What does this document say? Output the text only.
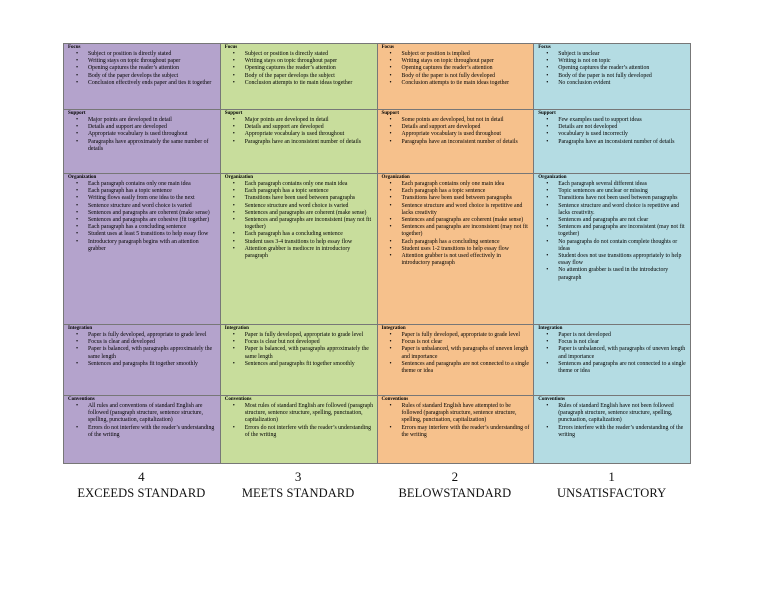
Focus
• Subject or position is directly stated
• Writing stays on topic throughout paper
• Opening captures the reader’s attention
• Body of the paper develops the subject
• Conclusion effectively ends paper and ties it together
Focus
• Subject or position is directly stated
• Writing stays on topic throughout paper
• Opening captures the reader’s attention
• Body of the paper develops the subject
• Conclusion attempts to tie main ideas together
Focus
• Subject or position is implied
• Writing stays on topic throughout paper
• Opening captures the reader’s attention
• Body of the paper is not fully developed
• Conclusion attempts to tie main ideas together
Focus
• Subject is unclear
• Writing is not on topic
• Opening captures the reader’s attention
• Body of the paper is not fully developed
• No conclusion evident
Support
• Major points are developed in detail
• Details and support are developed
• Appropriate vocabulary is used throughout
• Paragraphs have approximately the same number of details
Support
• Major points are developed in detail
• Details and support are developed
• Appropriate vocabulary is used throughout
• Paragraphs have an inconsistent number of details
Support
• Some points are developed, but not in detail
• Details and support are developed
• Appropriate vocabulary is used throughout
• Paragraphs have an inconsistent number of details
Support
• Few examples used to support ideas
• Details are not developed
• vocabulary is used incorrectly
• Paragraphs have an inconsistent number of details
Organization
• Each paragraph contains only one main idea
• Each paragraph has a topic sentence
• Writing flows easily from one idea to the next
• Sentence structure and word choice is varied
• Sentences and paragraphs are coherent (make sense)
• Sentences and paragraphs are cohesive (fit together)
• Each paragraph has a concluding sentence
• Student uses at least 5 transitions to help essay flow
• Introductory paragraph begins with an attention grabber
Organization
• Each paragraph contains only one main idea
• Each paragraph has a topic sentence
• Transitions have been used between paragraphs
• Sentence structure and word choice is varied
• Sentences and paragraphs are coherent (make sense)
• Sentences and paragraphs are inconsistent (may not fit together)
• Each paragraph has a concluding sentence
• Student uses 3-4 transitions to help essay flow
• Attention grabber is mediocre in introductory paragraph
Organization
• Each paragraph contains only one main idea
• Each paragraph has a topic sentence
• Transitions have been used between paragraphs
• Sentence structure and word choice is repetitive and lacks creativity
• Sentences and paragraphs are coherent (make sense)
• Sentences and paragraphs are inconsistent (may not fit together)
• Each paragraph has a concluding sentence
• Student uses 1-2 transitions to help essay flow
• Attention grabber is not used effectively in introductory paragraph
Organization
• Each paragraph several different ideas
• Topic sentences are unclear or missing
• Transitions have not been used between paragraphs
• Sentence structure and word choice is repetitive and lacks creativity.
• Sentences and paragraphs are not clear
• Sentences and paragraphs are inconsistent (may not fit together)
• No paragraphs do not contain complete thoughts or ideas
• Student does not use transitions appropriately to help essay flow
• No attention grabber is used in the introductory paragraph
Integration
• Paper is fully developed, appropriate to grade level
• Focus is clear and developed
• Paper is balanced, with paragraphs approximately the same length
• Sentences and paragraphs fit together smoothly
Integration
• Paper is fully developed, appropriate to grade level
• Focus is clear but not developed
• Paper is balanced, with paragraphs approximately the same length
• Sentences and paragraphs fit together smoothly
Integration
• Paper is fully developed, appropriate to grade level
• Focus is not clear
• Paper is unbalanced, with paragraphs of uneven length and importance
• Sentences and paragraphs are not connected to a single theme or idea
Integration
• Paper is not developed
• Focus is not clear
• Paper is unbalanced, with paragraphs of uneven length and importance
• Sentences and paragraphs are not connected to a single theme or idea
Conventions
• All rules and conventions of standard English are followed (paragraph structure, sentence structure, spelling, punctuation, capitalization)
• Errors do not interfere with the reader’s understanding of the writing
Conventions
• Most rules of standard English are followed (paragraph structure, sentence structure, spelling, punctuation, capitalization)
• Errors do not interfere with the reader’s understanding of the writing
Conventions
• Rules of standard English have attempted to be followed (paragraph structure, sentence structure, spelling, punctuation, capitalization)
• Errors may interfere with the reader’s understanding of the writing
Conventions
• Rules of standard English have not been followed (paragraph structure, sentence structure, spelling, punctuation, capitalization)
• Errors interfere with the reader’s understanding of the writing
4
EXCEEDS STANDARD
3
MEETS STANDARD
2
BELOWSTANDARD
1
UNSATISFACTORY
